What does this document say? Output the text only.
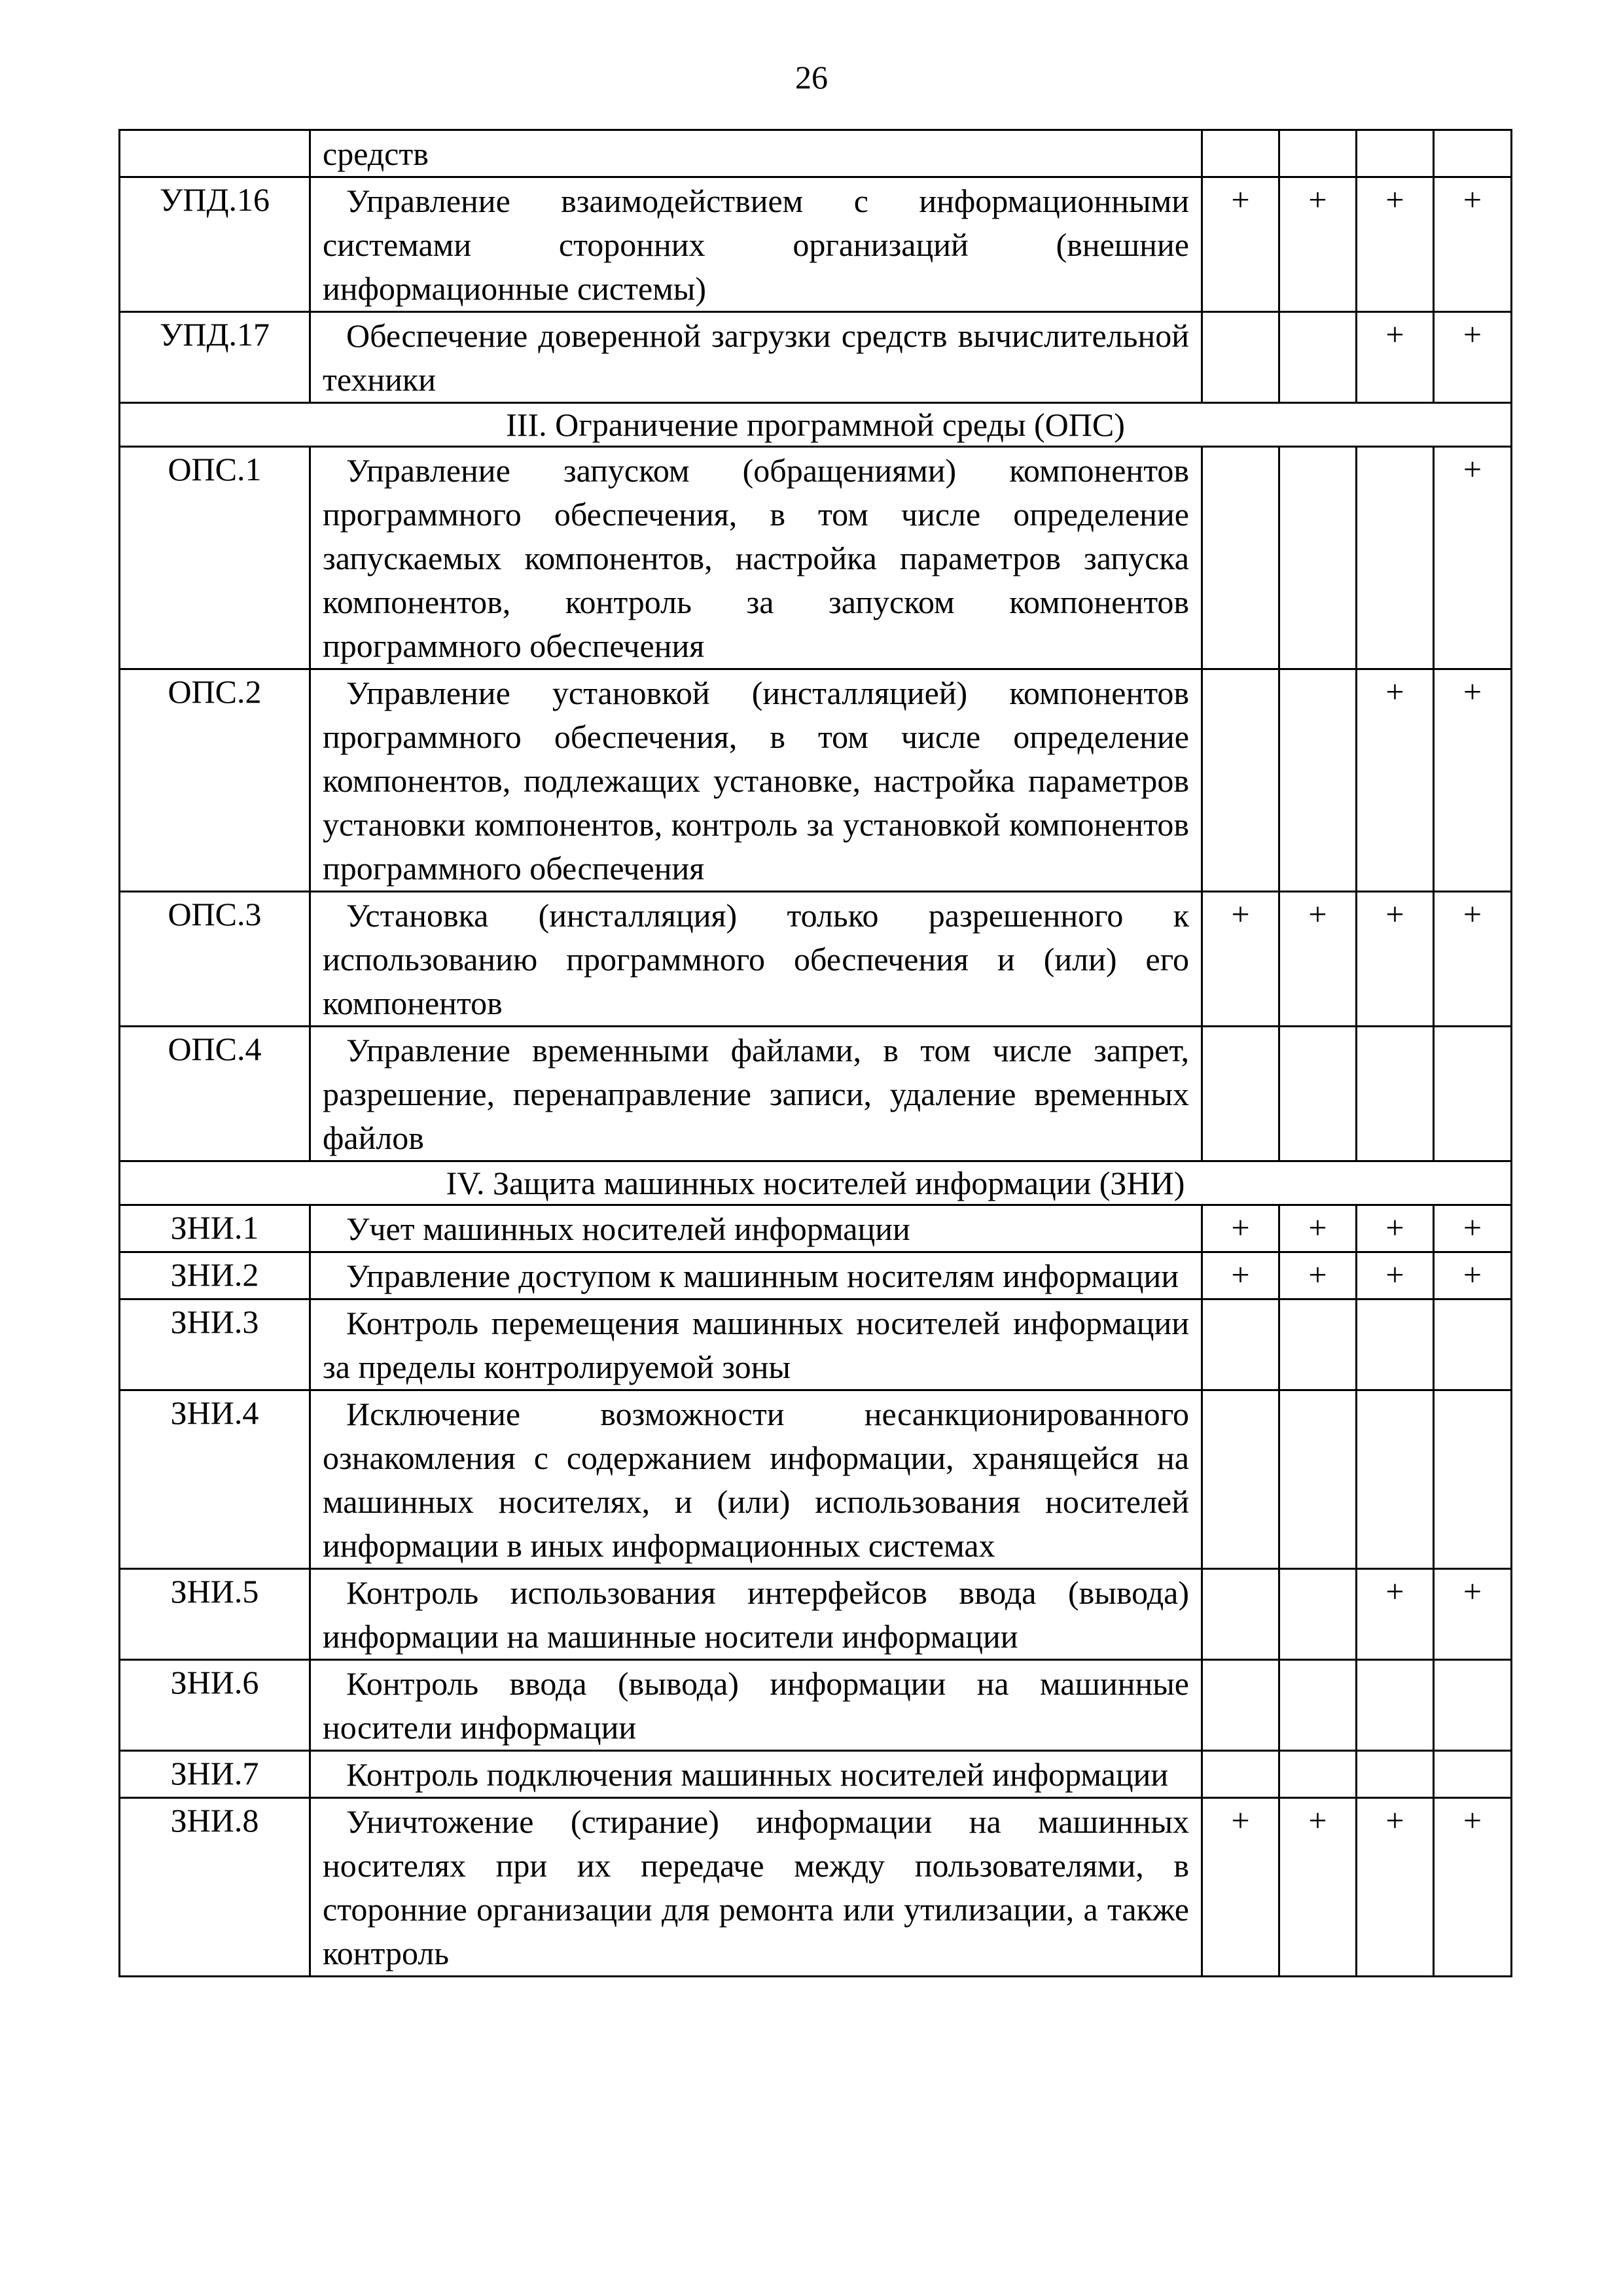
26
	средств				
УПД.16	Управление взаимодействием с информационными системами сторонних организаций (внешние информационные системы)	+	+	+	+
УПД.17	Обеспечение доверенной загрузки средств вычислительной техники			+	+
III. Ограничение программной среды (ОПС)					
ОПС.1	Управление запуском (обращениями) компонентов программного обеспечения, в том числе определение запускаемых компонентов, настройка параметров запуска компонентов, контроль за запуском компонентов программного обеспечения				+
ОПС.2	Управление установкой (инсталляцией) компонентов программного обеспечения, в том числе определение компонентов, подлежащих установке, настройка параметров установки компонентов, контроль за установкой компонентов программного обеспечения			+	+
ОПС.3	Установка (инсталляция) только разрешенного к использованию программного обеспечения и (или) его компонентов	+	+	+	+
ОПС.4	Управление временными файлами, в том числе запрет, разрешение, перенаправление записи, удаление временных файлов				

IV. Защита машинных носителей информации (ЗНИ)					
ЗНИ.1	Учет машинных носителей информации	+	+	+	+
ЗНИ.2	Управление доступом к машинным носителям информации	+	+	+	+
ЗНИ.3	Контроль перемещения машинных носителей информации за пределы контролируемой зоны				

ЗНИ.4	Исключение возможности несанкционированного ознакомления с содержанием информации, хранящейся на машинных носителях, и (или) использования носителей информации в иных информационных системах				

ЗНИ.5	Контроль использования интерфейсов ввода (вывода) информации на машинные носители информации			+	+
ЗНИ.6	Контроль ввода (вывода) информации на машинные носители информации				

ЗНИ.7	Контроль подключения машинных носителей информации				

ЗНИ.8	Уничтожение (стирание) информации на машинных носителях при их передаче между пользователями, в сторонние организации для ремонта или утилизации, а также контроль	+	+	+	+
